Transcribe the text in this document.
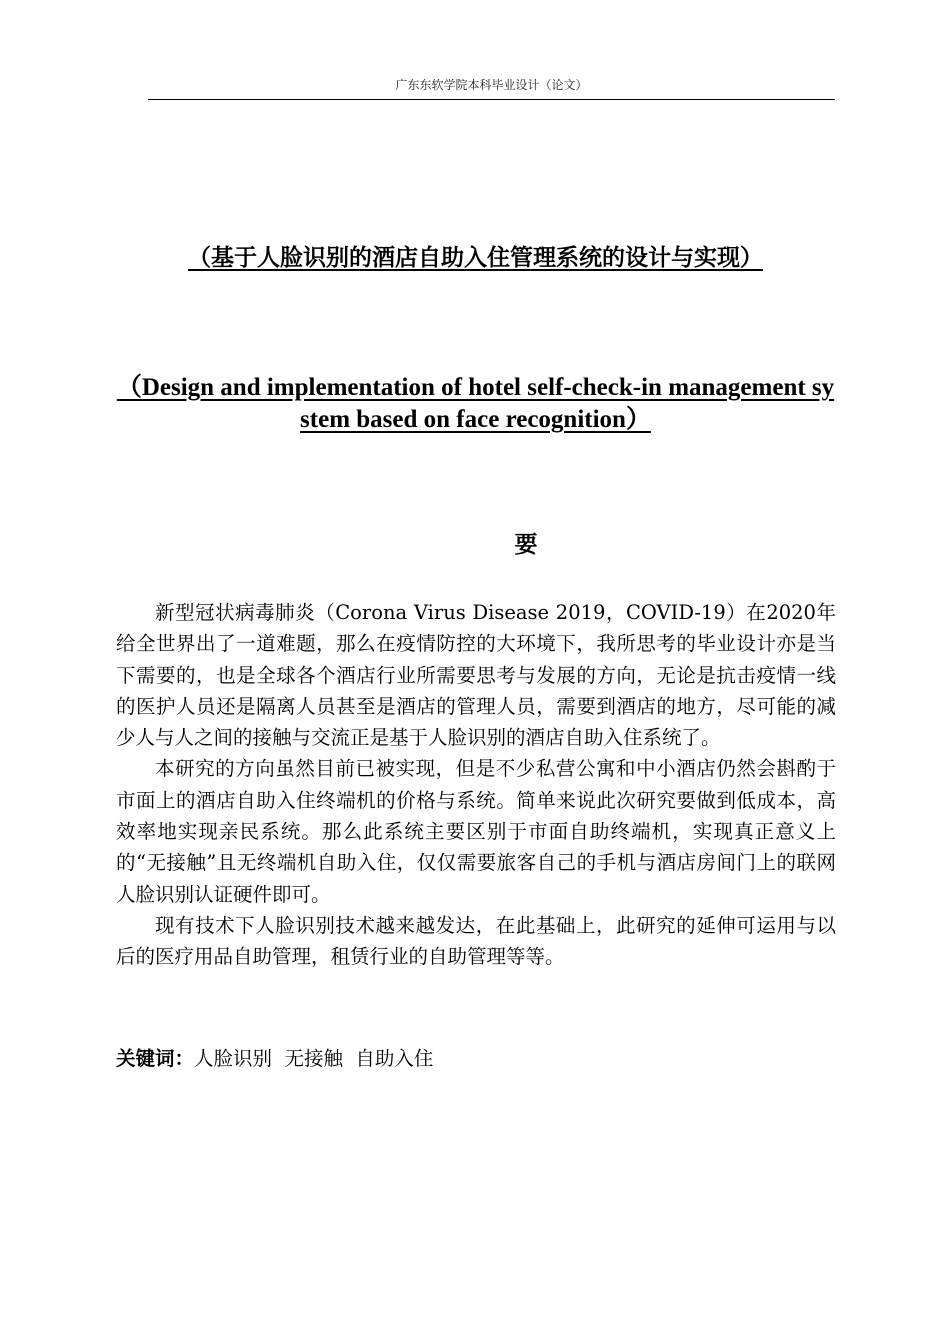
广东东软学院本科毕业设计（论文）
（基于人脸识别的酒店自助入住管理系统的设计与实现）
（Design and implementation of hotel self-check-in management system based on face recognition）
要

新型冠状病毒肺炎（Corona Virus Disease 2019，COVID-19）在2020年给全世界出了一道难题，那么在疫情防控的大环境下，我所思考的毕业设计亦是当下需要的，也是全球各个酒店行业所需要思考与发展的方向，无论是抗击疫情一线的医护人员还是隔离人员甚至是酒店的管理人员，需要到酒店的地方，尽可能的减少人与人之间的接触与交流正是基于人脸识别的酒店自助入住系统了。

本研究的方向虽然目前已被实现，但是不少私营公寓和中小酒店仍然会斟酌于市面上的酒店自助入住终端机的价格与系统。简单来说此次研究要做到低成本，高效率地实现亲民系统。那么此系统主要区别于市面自助终端机，实现真正意义上的“无接触”且无终端机自助入住，仅仅需要旅客自己的手机与酒店房间门上的联网人脸识别认证硬件即可。

现有技术下人脸识别技术越来越发达，在此基础上，此研究的延伸可运用与以后的医疗用品自助管理，租赁行业的自助管理等等。

关键词：人脸识别 无接触 自助入住
